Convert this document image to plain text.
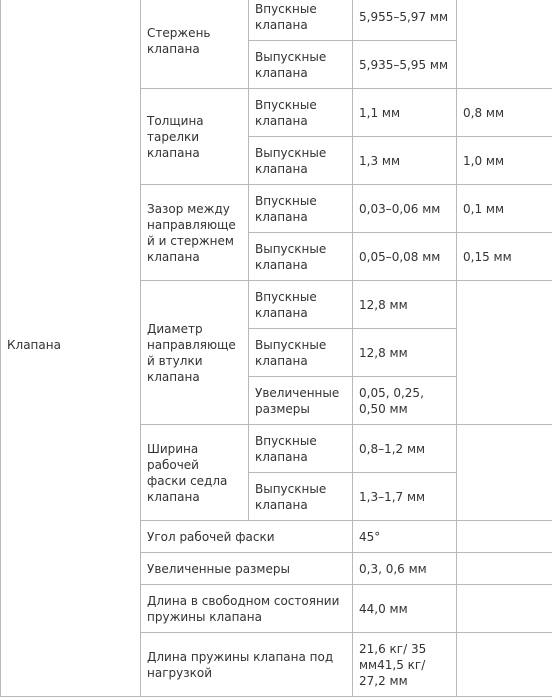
Клапана	Стержень клапана	Впускные клапана	5,955–5,97 мм	
		Выпускные клапана	5,935–5,95 мм	
	Толщина тарелки клапана	Впускные клапана	1,1 мм	0,8 мм
		Выпускные клапана	1,3 мм	1,0 мм
	Зазор между направляющей и стержнем клапана	Впускные клапана	0,03–0,06 мм	0,1 мм
		Выпускные клапана	0,05–0,08 мм	0,15 мм
	Диаметр направляющей втулки клапана	Впускные клапана	12,8 мм	
		Выпускные клапана	12,8 мм	
		Увеличенные размеры	0,05, 0,25, 0,50 мм	
	Ширина рабочей фаски седла клапана	Впускные клапана	0,8–1,2 мм	
		Выпускные клапана	1,3–1,7 мм	
	Угол рабочей фаски		45°	
	Увеличенные размеры		0,3, 0,6 мм	
	Длина в свободном состоянии пружины клапана		44,0 мм	
	Длина пружины клапана под нагрузкой		21,6 кг/ 35 мм41,5 кг/ 27,2 мм	
